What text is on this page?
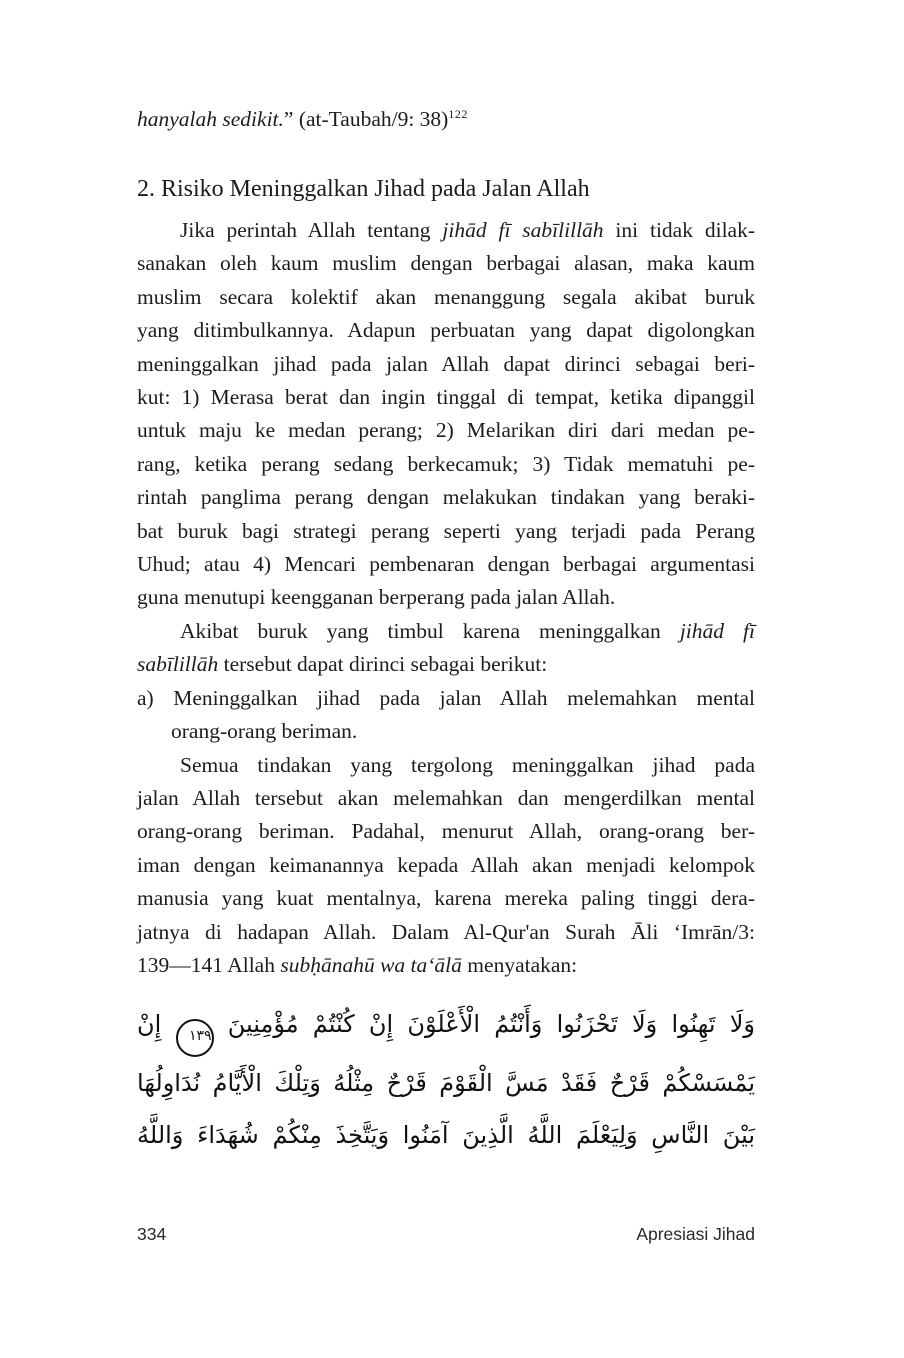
hanyalah sedikit.” (at-Taubah/9: 38)$^{122}$
2. Risiko Meninggalkan Jihad pada Jalan Allah
Jika perintah Allah tentang jihād fī sabīlillāh ini tidak dilak-
sanakan oleh kaum muslim dengan berbagai alasan, maka kaum
muslim secara kolektif akan menanggung segala akibat buruk
yang ditimbulkannya. Adapun perbuatan yang dapat digolongkan
meninggalkan jihad pada jalan Allah dapat dirinci sebagai beri-
kut: 1) Merasa berat dan ingin tinggal di tempat, ketika dipanggil
untuk maju ke medan perang; 2) Melarikan diri dari medan pe-
rang, ketika perang sedang berkecamuk; 3) Tidak mematuhi pe-
rintah panglima perang dengan melakukan tindakan yang beraki-
bat buruk bagi strategi perang seperti yang terjadi pada Perang
Uhud; atau 4) Mencari pembenaran dengan berbagai argumentasi
guna menutupi keengganan berperang pada jalan Allah.
Akibat buruk yang timbul karena meninggalkan jihād fī
sabīlillāh tersebut dapat dirinci sebagai berikut:
a) Meninggalkan jihad pada jalan Allah melemahkan mental
orang-orang beriman.
Semua tindakan yang tergolong meninggalkan jihad pada
jalan Allah tersebut akan melemahkan dan mengerdilkan mental
orang-orang beriman. Padahal, menurut Allah, orang-orang ber-
iman dengan keimanannya kepada Allah akan menjadi kelompok
manusia yang kuat mentalnya, karena mereka paling tinggi dera-
jatnya di hadapan Allah. Dalam Al-Qur'an Surah Āli ‘Imrān/3:
139—141 Allah subḥānahū wa ta‘ālā menyatakan:
وَلَا تَهِنُوا وَلَا تَحْزَنُوا وَأَنْتُمُ الْأَعْلَوْنَ إِنْ كُنْتُمْ مُؤْمِنِينَ ١٣٩ إِنْ
يَمْسَسْكُمْ قَرْحٌ فَقَدْ مَسَّ الْقَوْمَ قَرْحٌ مِثْلُهُ وَتِلْكَ الْأَيَّامُ نُدَاوِلُهَا
بَيْنَ النَّاسِ وَلِيَعْلَمَ اللَّهُ الَّذِينَ آمَنُوا وَيَتَّخِذَ مِنْكُمْ شُهَدَاءَ وَاللَّهُ
334	Apresiasi Jihad
